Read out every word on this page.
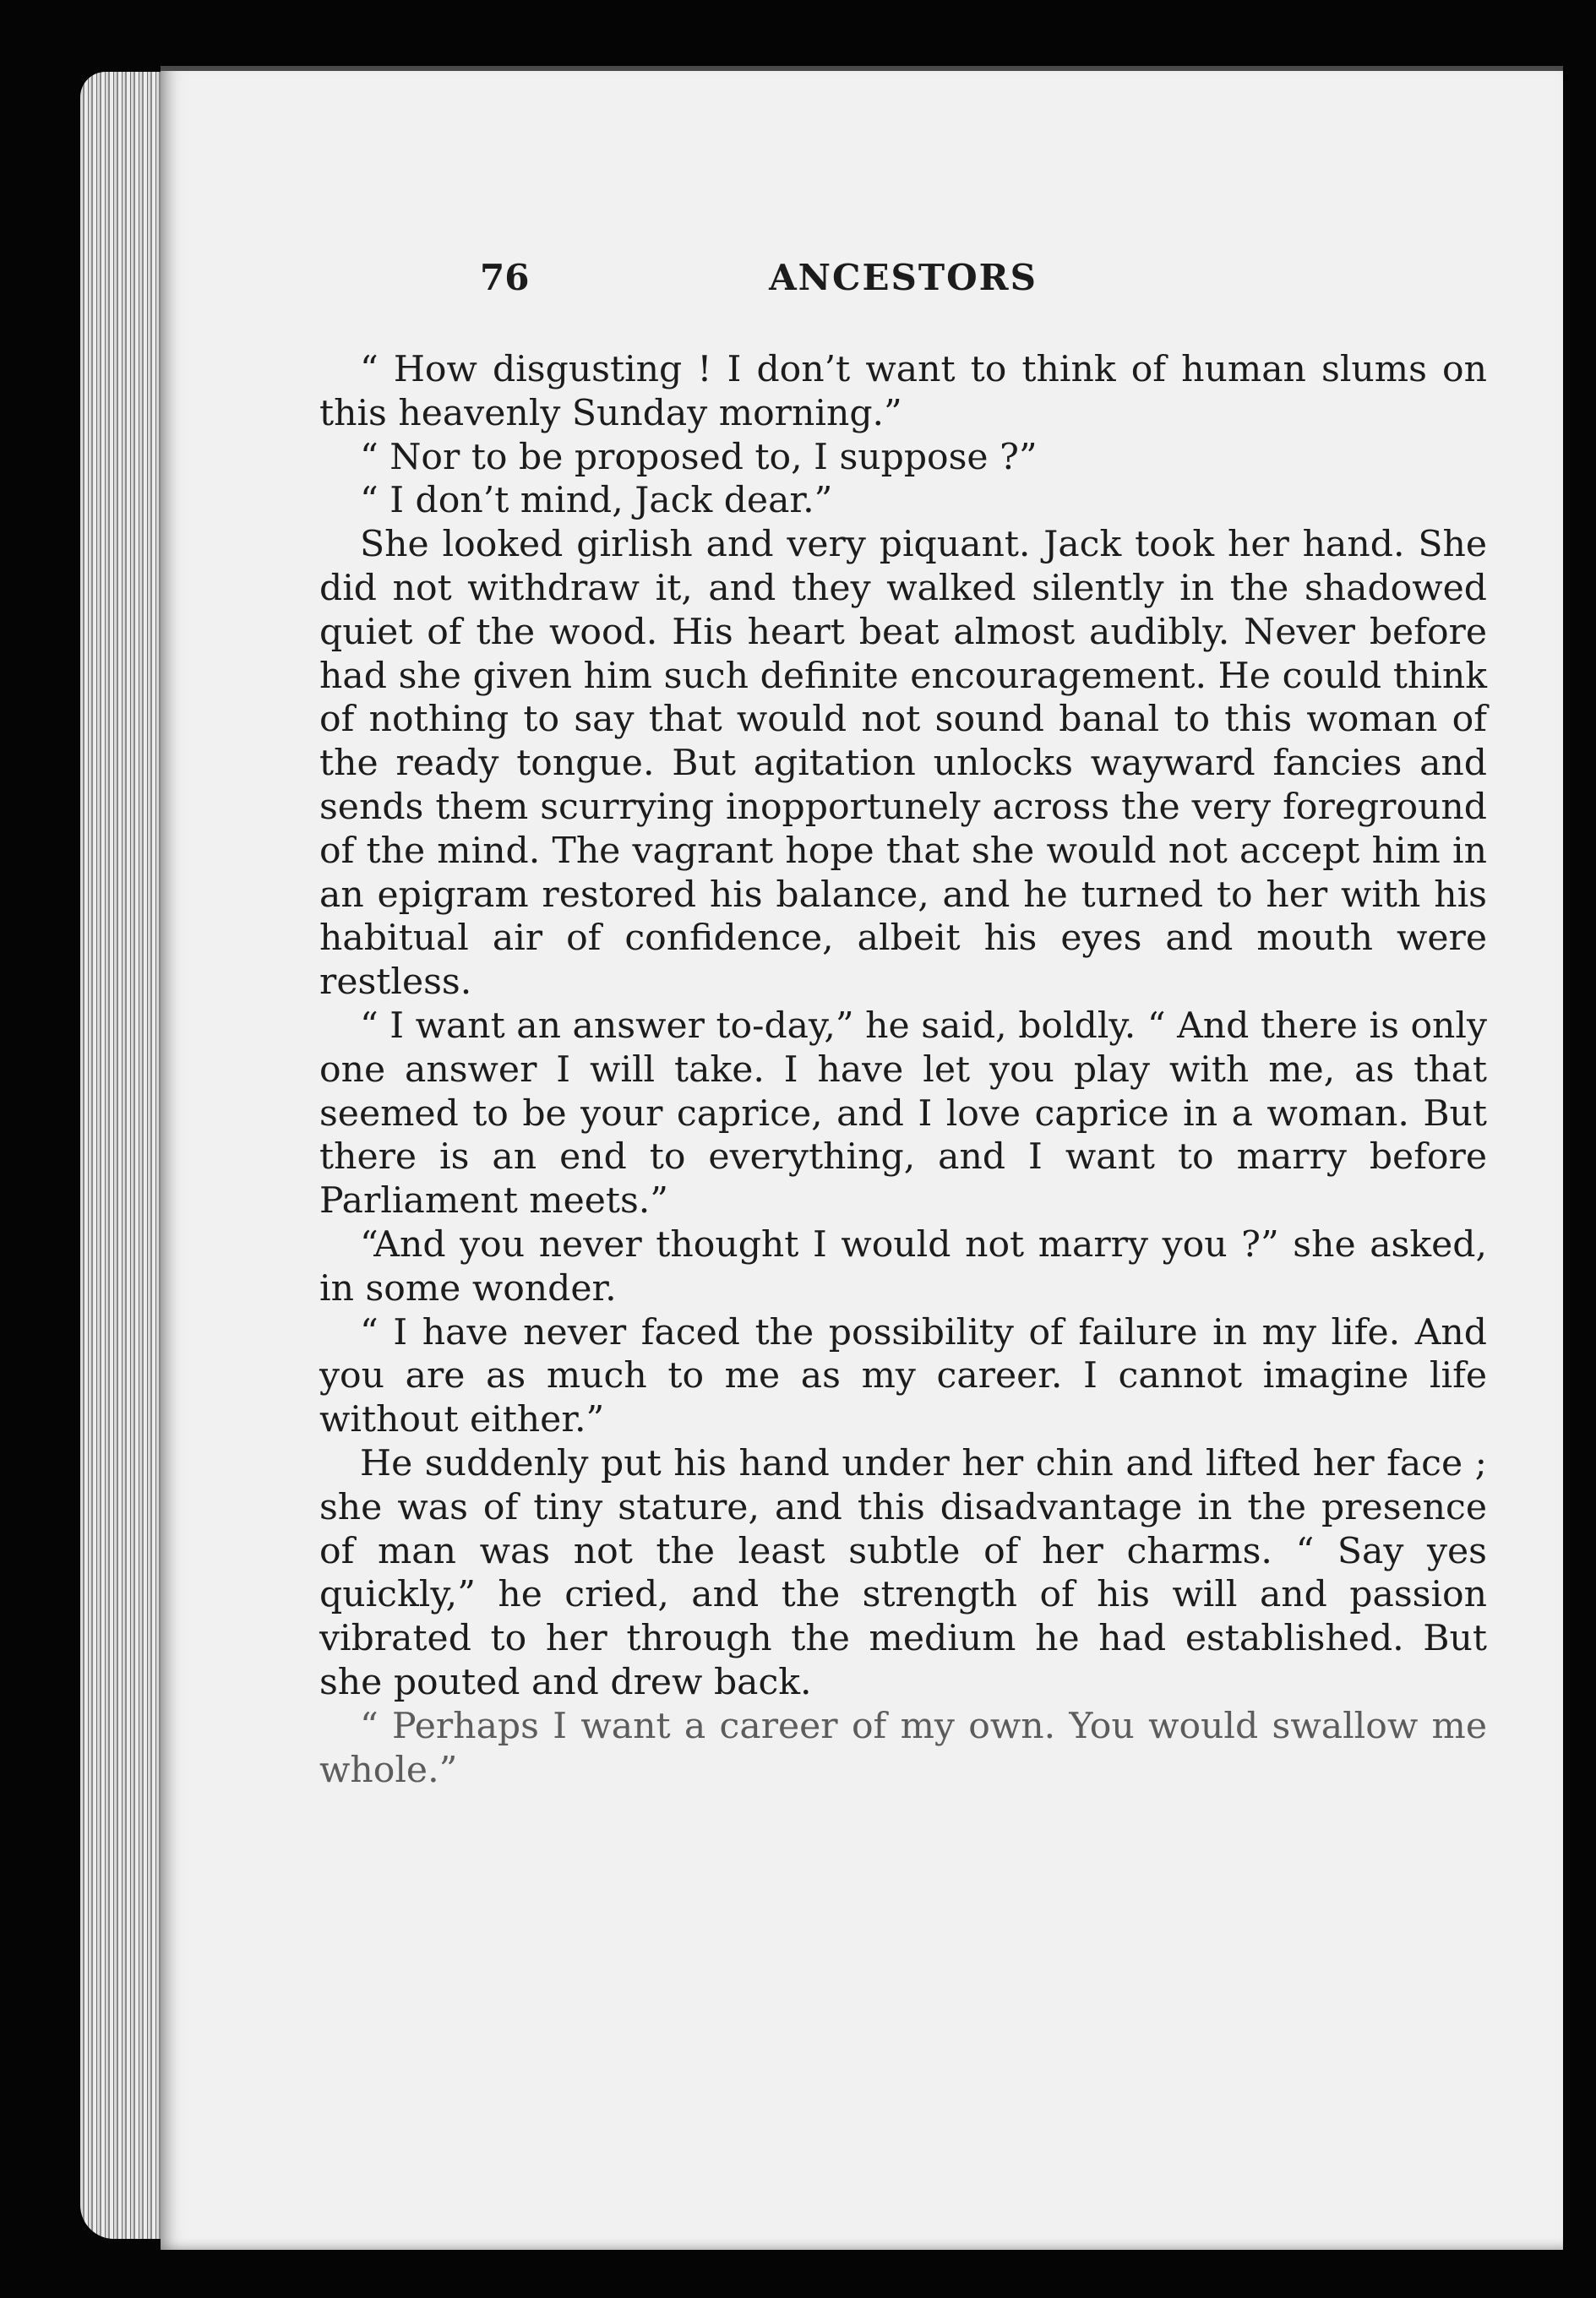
76	ANCESTORS

“ How disgusting ! I don’t want to think of human slums on this heavenly Sunday morning.”

“ Nor to be proposed to, I suppose ?”

“ I don’t mind, Jack dear.”

She looked girlish and very piquant. Jack took her hand. She did not withdraw it, and they walked silently in the shadowed quiet of the wood. His heart beat almost audibly. Never before had she given him such definite encouragement. He could think of nothing to say that would not sound banal to this woman of the ready tongue. But agitation unlocks wayward fancies and sends them scurrying inopportunely across the very foreground of the mind. The vagrant hope that she would not accept him in an epigram restored his balance, and he turned to her with his habitual air of confidence, albeit his eyes and mouth were restless.

“ I want an answer to-day,” he said, boldly. “ And there is only one answer I will take. I have let you play with me, as that seemed to be your caprice, and I love caprice in a woman. But there is an end to everything, and I want to marry before Parliament meets.”

“And you never thought I would not marry you ?” she asked, in some wonder.

“ I have never faced the possibility of failure in my life. And you are as much to me as my career. I cannot imagine life without either.”

He suddenly put his hand under her chin and lifted her face ; she was of tiny stature, and this disadvantage in the presence of man was not the least subtle of her charms. “ Say yes quickly,” he cried, and the strength of his will and passion vibrated to her through the medium he had established. But she pouted and drew back.

“ Perhaps I want a career of my own. You would swallow me whole.”
